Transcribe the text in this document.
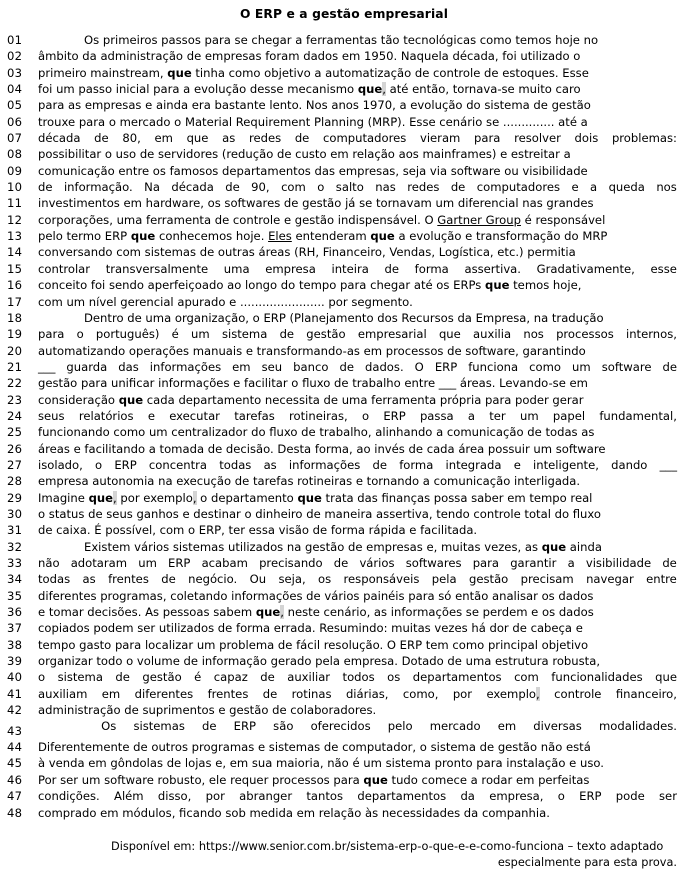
O ERP e a gestão empresarial
01	Os primeiros passos para se chegar a ferramentas tão tecnológicas como temos hoje no
02	âmbito da administração de empresas foram dados em 1950. Naquela década, foi utilizado o
03	primeiro mainstream, que tinha como objetivo a automatização de controle de estoques. Esse
04	foi um passo inicial para a evolução desse mecanismo que, até então, tornava-se muito caro
05	para as empresas e ainda era bastante lento. Nos anos 1970, a evolução do sistema de gestão
06	trouxe para o mercado o Material Requirement Planning (MRP). Esse cenário se .............. até a
07	década de 80, em que as redes de computadores vieram para resolver dois problemas:
08	possibilitar o uso de servidores (redução de custo em relação aos mainframes) e estreitar a
09	comunicação entre os famosos departamentos das empresas, seja via software ou visibilidade
10	de informação. Na década de 90, com o salto nas redes de computadores e a queda nos
11	investimentos em hardware, os softwares de gestão já se tornavam um diferencial nas grandes
12	corporações, uma ferramenta de controle e gestão indispensável. O Gartner Group é responsável
13	pelo termo ERP que conhecemos hoje. Eles entenderam que a evolução e transformação do MRP
14	conversando com sistemas de outras áreas (RH, Financeiro, Vendas, Logística, etc.) permitia
15	controlar transversalmente uma empresa inteira de forma assertiva. Gradativamente, esse
16	conceito foi sendo aperfeiçoado ao longo do tempo para chegar até os ERPs que temos hoje,
17	com um nível gerencial apurado e ....................... por segmento.
18	Dentro de uma organização, o ERP (Planejamento dos Recursos da Empresa, na tradução
19	para o português) é um sistema de gestão empresarial que auxilia nos processos internos,
20	automatizando operações manuais e transformando-as em processos de software, garantindo
21	___ guarda das informações em seu banco de dados. O ERP funciona como um software de
22	gestão para unificar informações e facilitar o fluxo de trabalho entre ___ áreas. Levando-se em
23	consideração que cada departamento necessita de uma ferramenta própria para poder gerar
24	seus relatórios e executar tarefas rotineiras, o ERP passa a ter um papel fundamental,
25	funcionando como um centralizador do fluxo de trabalho, alinhando a comunicação de todas as
26	áreas e facilitando a tomada de decisão. Desta forma, ao invés de cada área possuir um software
27	isolado, o ERP concentra todas as informações de forma integrada e inteligente, dando ___
28	empresa autonomia na execução de tarefas rotineiras e tornando a comunicação interligada.
29	Imagine que, por exemplo, o departamento que trata das finanças possa saber em tempo real
30	o status de seus ganhos e destinar o dinheiro de maneira assertiva, tendo controle total do fluxo
31	de caixa. É possível, com o ERP, ter essa visão de forma rápida e facilitada.
32	Existem vários sistemas utilizados na gestão de empresas e, muitas vezes, as que ainda
33	não adotaram um ERP acabam precisando de vários softwares para garantir a visibilidade de
34	todas as frentes de negócio. Ou seja, os responsáveis pela gestão precisam navegar entre
35	diferentes programas, coletando informações de vários painéis para só então analisar os dados
36	e tomar decisões. As pessoas sabem que, neste cenário, as informações se perdem e os dados
37	copiados podem ser utilizados de forma errada. Resumindo: muitas vezes há dor de cabeça e
38	tempo gasto para localizar um problema de fácil resolução. O ERP tem como principal objetivo
39	organizar todo o volume de informação gerado pela empresa. Dotado de uma estrutura robusta,
40	o sistema de gestão é capaz de auxiliar todos os departamentos com funcionalidades que
41	auxiliam em diferentes frentes de rotinas diárias, como, por exemplo, controle financeiro,
42	administração de suprimentos e gestão de colaboradores.
43	Os sistemas de ERP são oferecidos pelo mercado em diversas modalidades.
44	Diferentemente de outros programas e sistemas de computador, o sistema de gestão não está
45	à venda em gôndolas de lojas e, em sua maioria, não é um sistema pronto para instalação e uso.
46	Por ser um software robusto, ele requer processos para que tudo comece a rodar em perfeitas
47	condições. Além disso, por abranger tantos departamentos da empresa, o ERP pode ser
48	comprado em módulos, ficando sob medida em relação às necessidades da companhia.
Disponível em: https://www.senior.com.br/sistema-erp-o-que-e-e-como-funciona – texto adaptado
especialmente para esta prova.
